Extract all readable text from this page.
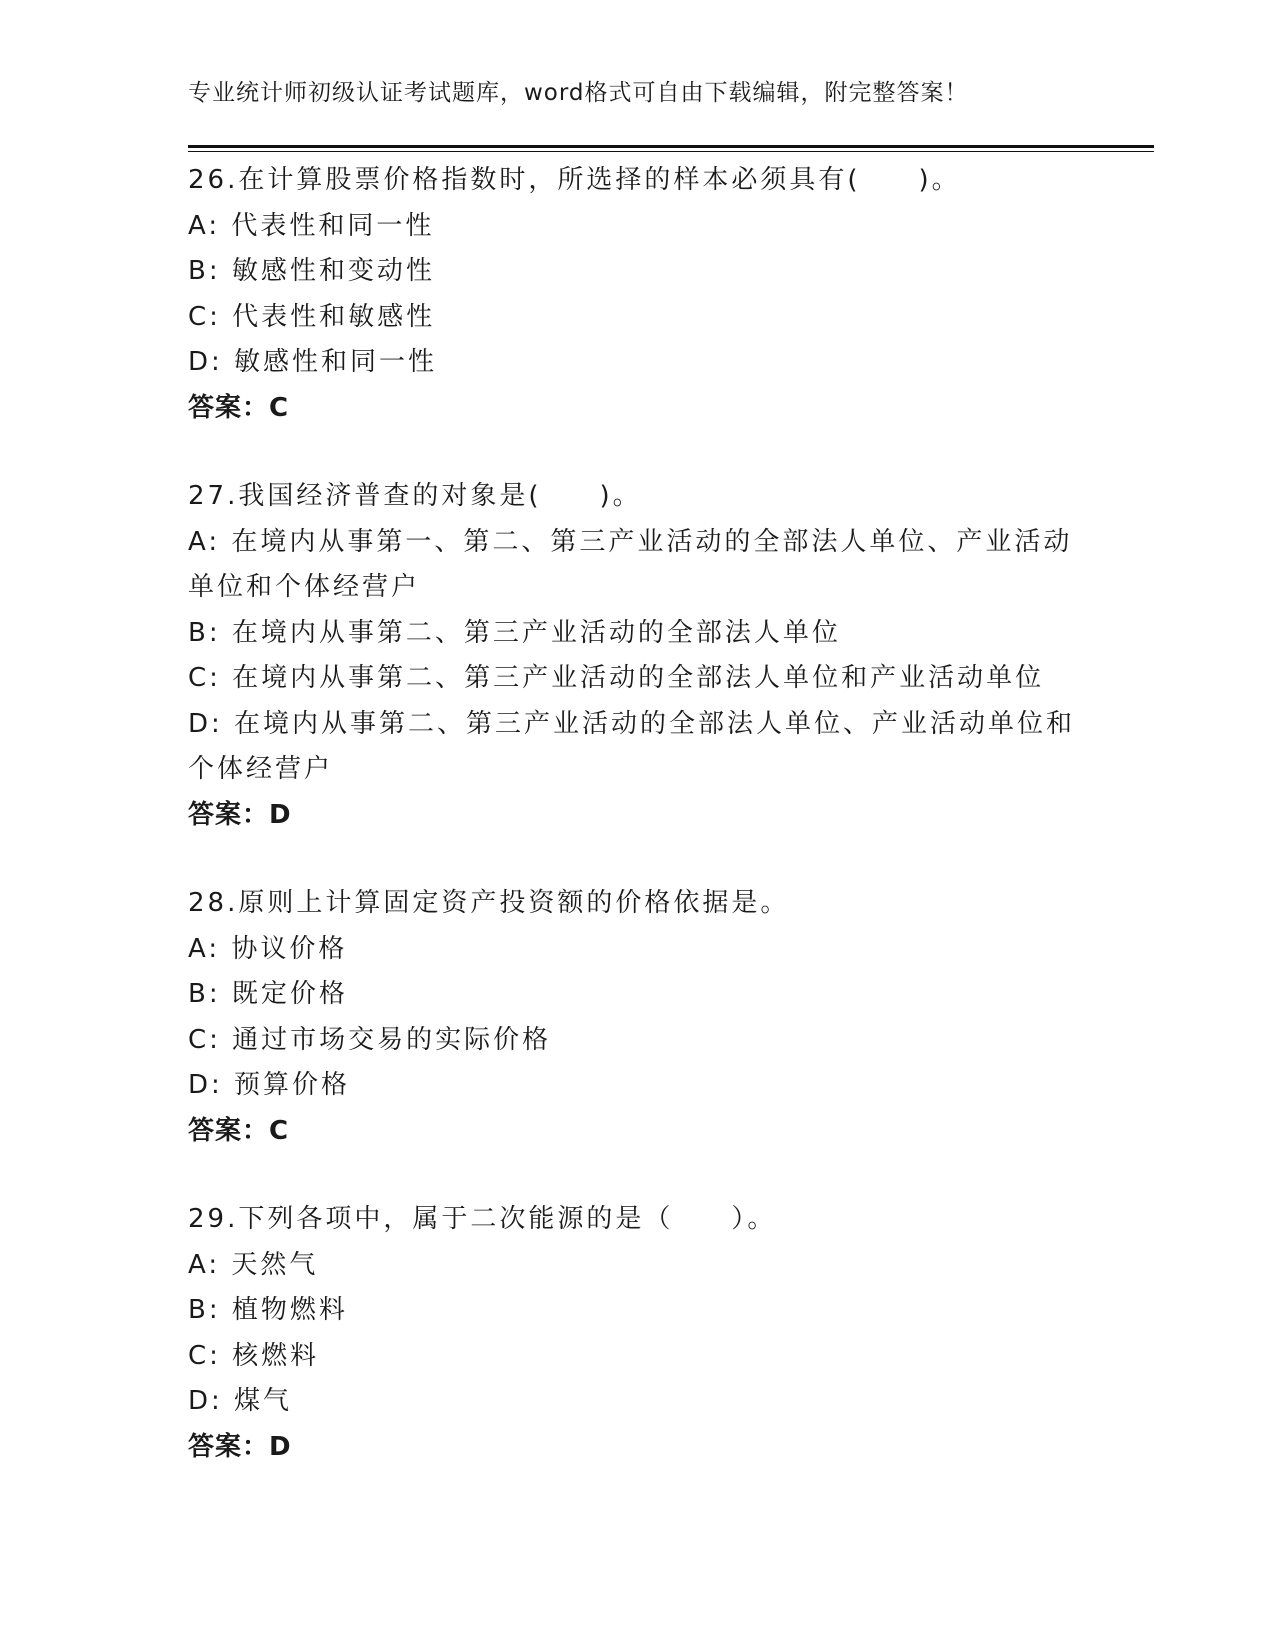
专业统计师初级认证考试题库，word格式可自由下载编辑，附完整答案！
26.在计算股票价格指数时，所选择的样本必须具有(　　)。
A: 代表性和同一性
B: 敏感性和变动性
C: 代表性和敏感性
D: 敏感性和同一性
答案：C
27.我国经济普查的对象是(　　)。
A: 在境内从事第一、第二、第三产业活动的全部法人单位、产业活动
单位和个体经营户
B: 在境内从事第二、第三产业活动的全部法人单位
C: 在境内从事第二、第三产业活动的全部法人单位和产业活动单位
D: 在境内从事第二、第三产业活动的全部法人单位、产业活动单位和
个体经营户
答案：D
28.原则上计算固定资产投资额的价格依据是。
A: 协议价格
B: 既定价格
C: 通过市场交易的实际价格
D: 预算价格
答案：C
29.下列各项中，属于二次能源的是（　　）。
A: 天然气
B: 植物燃料
C: 核燃料
D: 煤气
答案：D
